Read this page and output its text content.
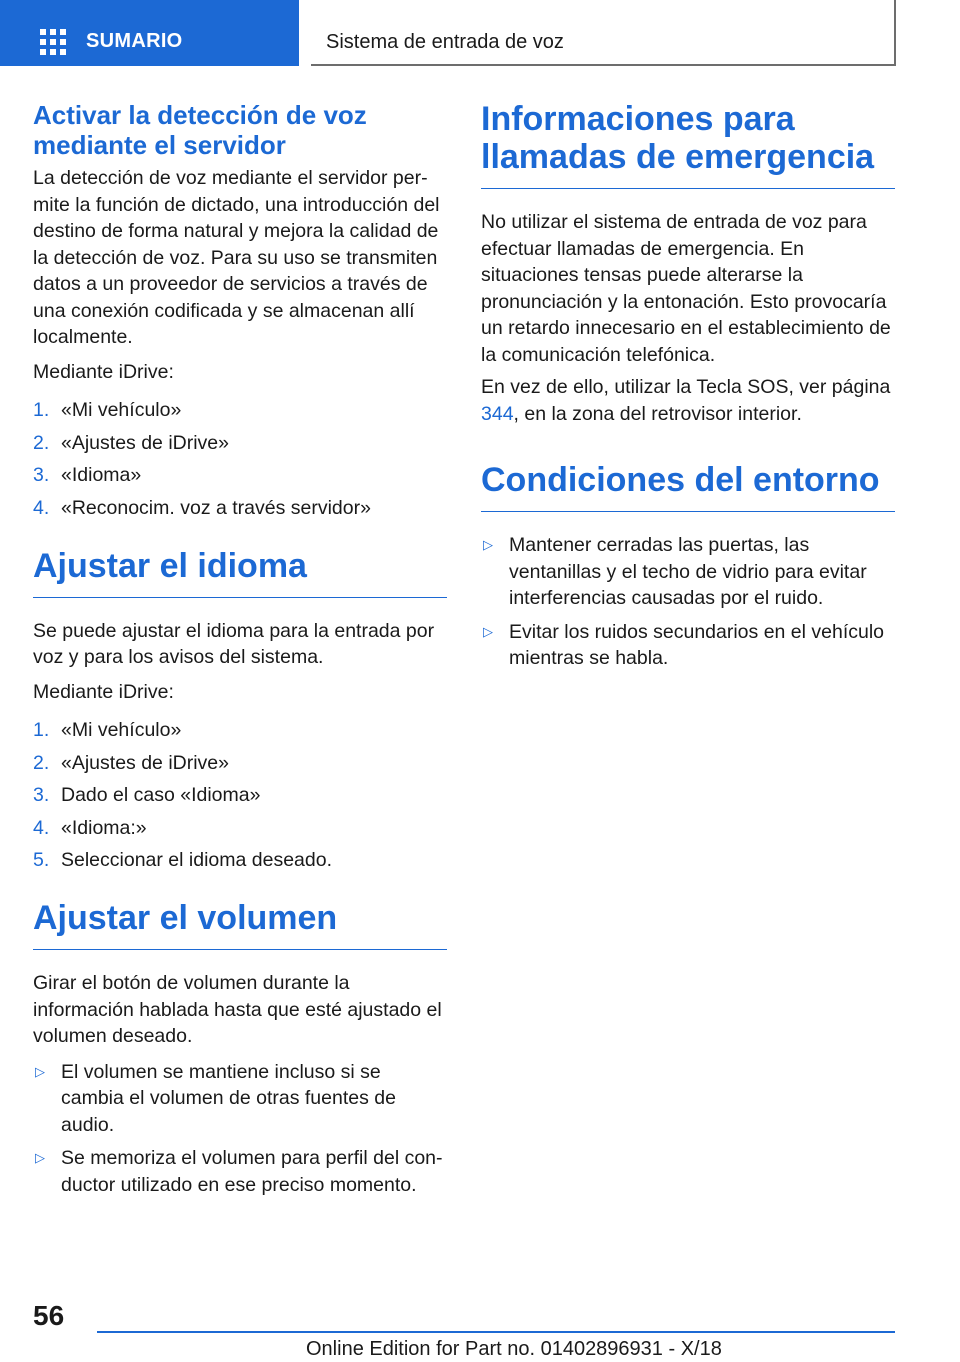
SUMARIO	Sistema de entrada de voz
Activar la detección de voz mediante el servidor

La detección de voz mediante el servidor permite la función de dictado, una introducción del destino de forma natural y mejora la calidad de la detección de voz. Para su uso se transmiten datos a un proveedor de servicios a través de una conexión codificada y se almacenan allí localmente.

Mediante iDrive:

1. «Mi vehículo»
2. «Ajustes de iDrive»
3. «Idioma»
4. «Reconocim. voz a través servidor»
Ajustar el idioma

Se puede ajustar el idioma para la entrada por voz y para los avisos del sistema.

Mediante iDrive:

1. «Mi vehículo»
2. «Ajustes de iDrive»
3. Dado el caso «Idioma»
4. «Idioma:»
5. Seleccionar el idioma deseado.
Ajustar el volumen

Girar el botón de volumen durante la información hablada hasta que esté ajustado el volumen deseado.

▷ El volumen se mantiene incluso si se cambia el volumen de otras fuentes de audio.
▷ Se memoriza el volumen para perfil del conductor utilizado en ese preciso momento.
Informaciones para llamadas de emergencia

No utilizar el sistema de entrada de voz para efectuar llamadas de emergencia. En situaciones tensas puede alterarse la pronunciación y la entonación. Esto provocaría un retardo innecesario en el establecimiento de la comunicación telefónica.

En vez de ello, utilizar la Tecla SOS, ver página 344, en la zona del retrovisor interior.

Condiciones del entorno
▷ Mantener cerradas las puertas, las ventanillas y el techo de vidrio para evitar interferencias causadas por el ruido.
▷ Evitar los ruidos secundarios en el vehículo mientras se habla.
56
Online Edition for Part no. 01402896931 - X/18
